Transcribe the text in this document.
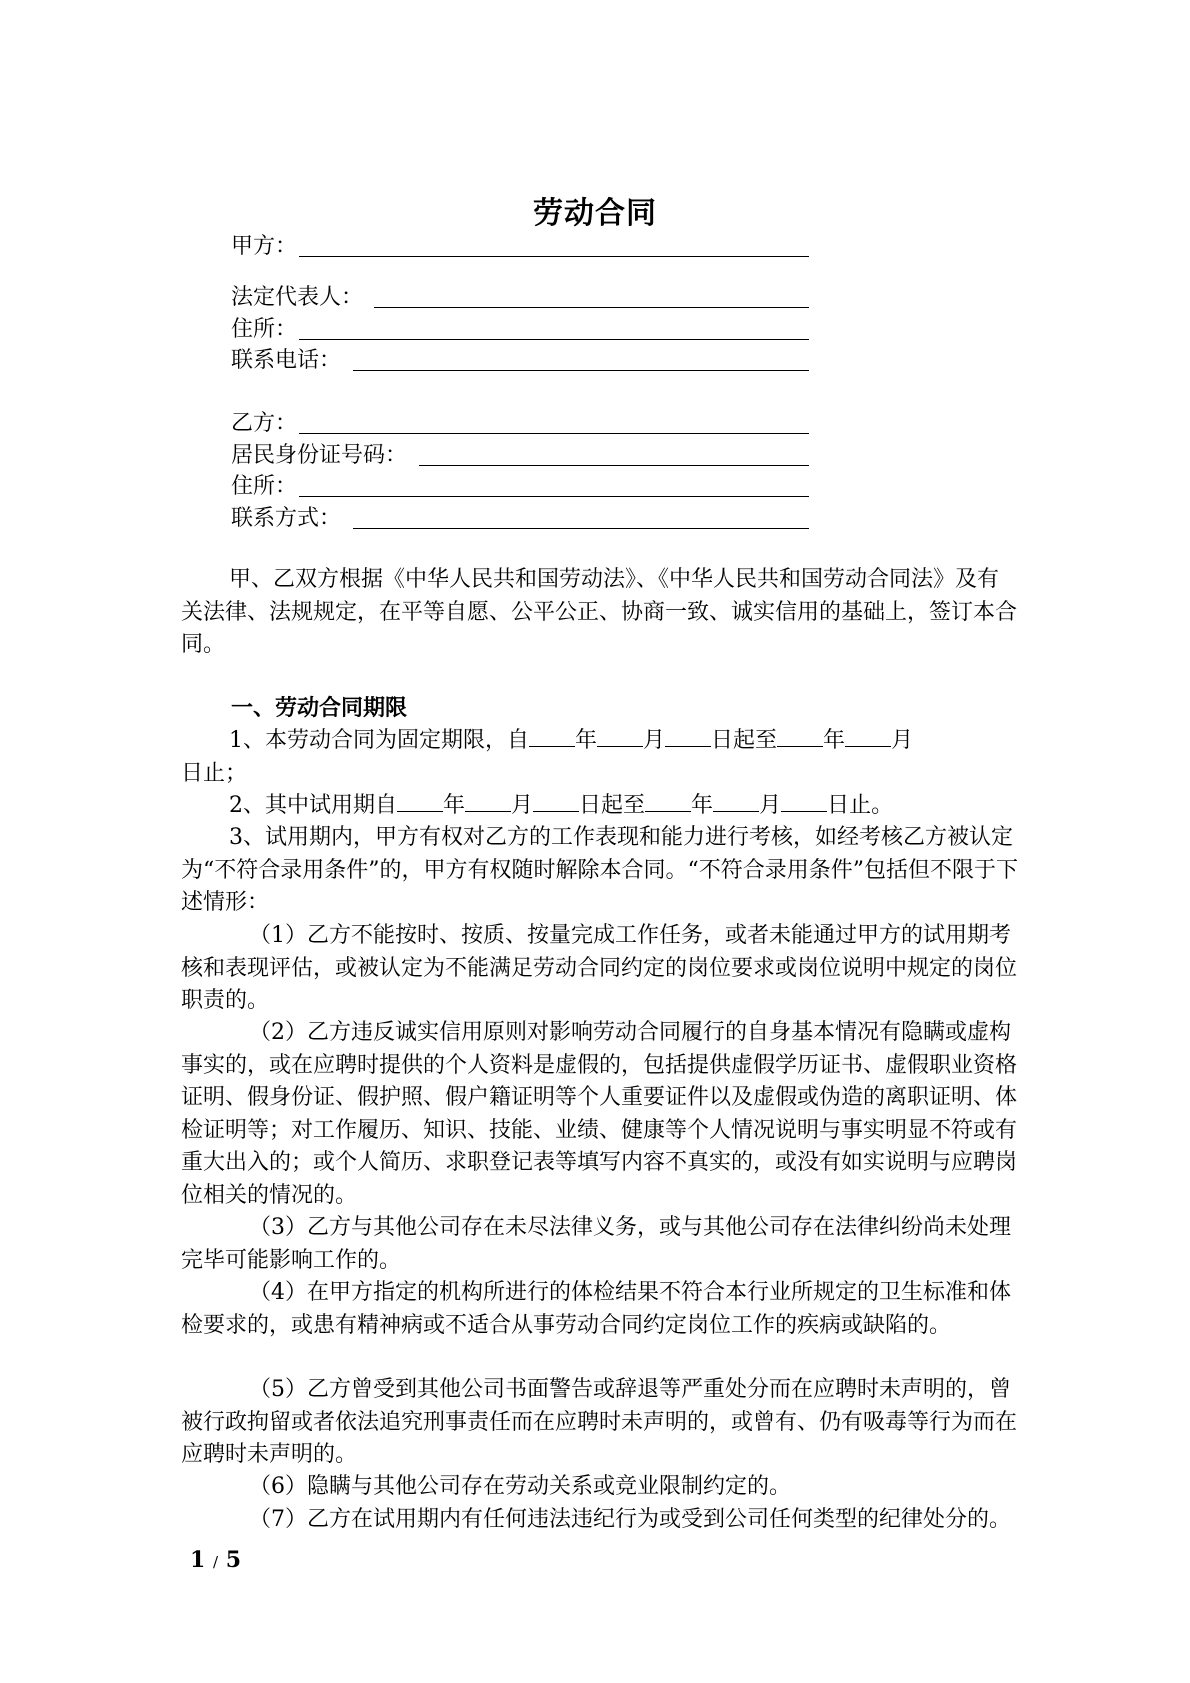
劳动合同
甲方：
法定代表人：
住所：
联系电话：
乙方：
居民身份证号码：
住所：
联系方式：

甲、乙双方根据《中华人民共和国劳动法》、《中华人民共和国劳动合同法》及有关法律、法规规定，在平等自愿、公平公正、协商一致、诚实信用的基础上，签订本合同。

一、劳动合同期限

1、本劳动合同为固定期限，自 年 月 日起至 年 月
日止；

2、其中试用期自 年 月 日起至 年 月 日止。

3、试用期内，甲方有权对乙方的工作表现和能力进行考核，如经考核乙方被认定为“不符合录用条件”的，甲方有权随时解除本合同。“不符合录用条件”包括但不限于下述情形：

（1）乙方不能按时、按质、按量完成工作任务，或者未能通过甲方的试用期考核和表现评估，或被认定为不能满足劳动合同约定的岗位要求或岗位说明中规定的岗位职责的。

（2）乙方违反诚实信用原则对影响劳动合同履行的自身基本情况有隐瞒或虚构事实的，或在应聘时提供的个人资料是虚假的，包括提供虚假学历证书、虚假职业资格证明、假身份证、假护照、假户籍证明等个人重要证件以及虚假或伪造的离职证明、体检证明等；对工作履历、知识、技能、业绩、健康等个人情况说明与事实明显不符或有重大出入的；或个人简历、求职登记表等填写内容不真实的，或没有如实说明与应聘岗位相关的情况的。

（3）乙方与其他公司存在未尽法律义务，或与其他公司存在法律纠纷尚未处理完毕可能影响工作的。

（4）在甲方指定的机构所进行的体检结果不符合本行业所规定的卫生标准和体检要求的，或患有精神病或不适合从事劳动合同约定岗位工作的疾病或缺陷的。

（5）乙方曾受到其他公司书面警告或辞退等严重处分而在应聘时未声明的，曾被行政拘留或者依法追究刑事责任而在应聘时未声明的，或曾有、仍有吸毒等行为而在应聘时未声明的。

（6）隐瞒与其他公司存在劳动关系或竞业限制约定的。

（7）乙方在试用期内有任何违法违纪行为或受到公司任何类型的纪律处分的。

1 / 5
